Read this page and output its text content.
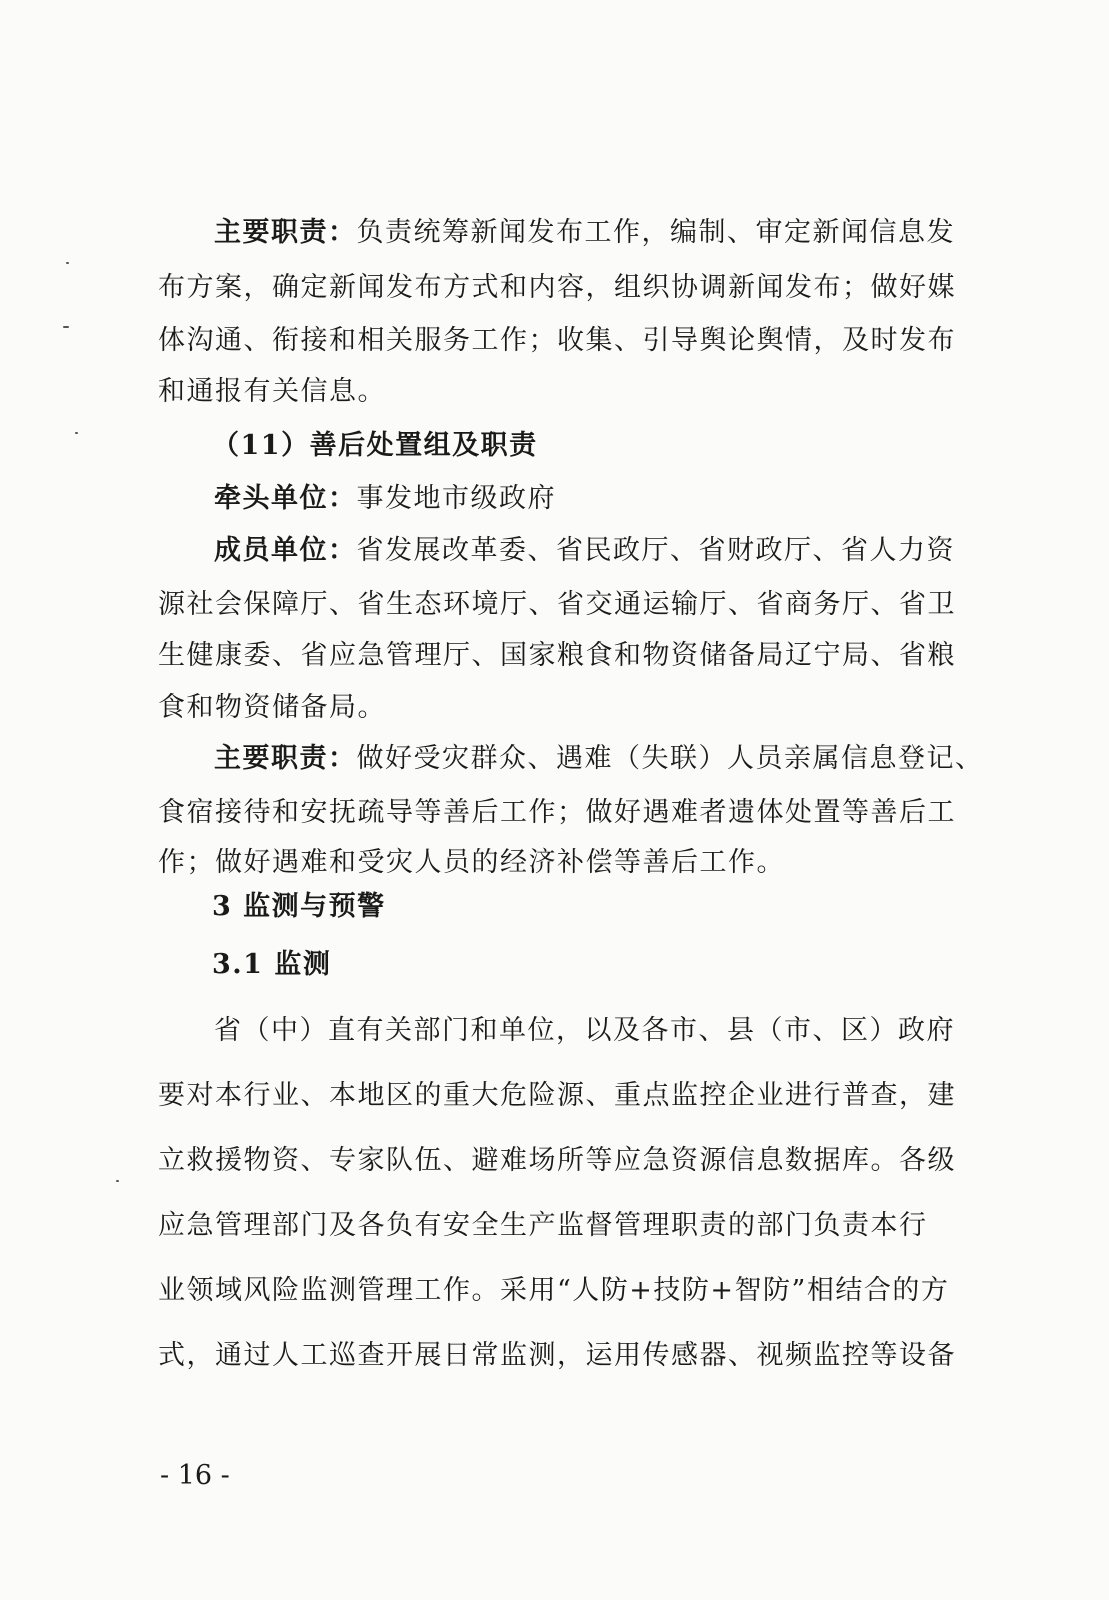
主要职责：负责统筹新闻发布工作，编制、审定新闻信息发

布方案，确定新闻发布方式和内容，组织协调新闻发布；做好媒

体沟通、衔接和相关服务工作；收集、引导舆论舆情，及时发布

和通报有关信息。

（11）善后处置组及职责

牵头单位：事发地市级政府

成员单位：省发展改革委、省民政厅、省财政厅、省人力资

源社会保障厅、省生态环境厅、省交通运输厅、省商务厅、省卫

生健康委、省应急管理厅、国家粮食和物资储备局辽宁局、省粮

食和物资储备局。

主要职责：做好受灾群众、遇难（失联）人员亲属信息登记、

食宿接待和安抚疏导等善后工作；做好遇难者遗体处置等善后工

作；做好遇难和受灾人员的经济补偿等善后工作。

3 监测与预警

3.1 监测

省（中）直有关部门和单位，以及各市、县（市、区）政府

要对本行业、本地区的重大危险源、重点监控企业进行普查，建

立救援物资、专家队伍、避难场所等应急资源信息数据库。各级

应急管理部门及各负有安全生产监督管理职责的部门负责本行

业领域风险监测管理工作。采用“人防+技防+智防”相结合的方

式，通过人工巡查开展日常监测，运用传感器、视频监控等设备

- 16 -
